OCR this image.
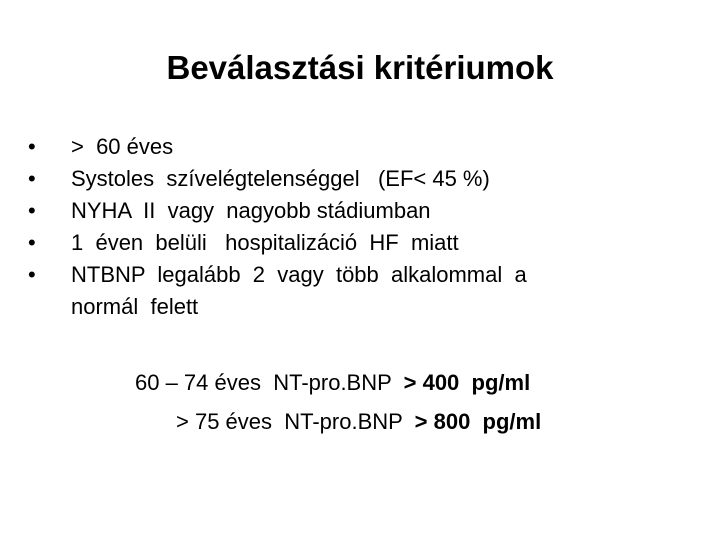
Beválasztási kritériumok
•	>  60 éves
•	Systoles  szívelégtelenséggel   (EF< 45 %)
•	NYHA  II  vagy  nagyobb stádiumban
•	1  éven  belüli   hospitalizáció  HF  miatt
•	NTBNP  legalább  2  vagy  több  alkalommal  a
normál  felett
60 – 74 éves  NT-pro.BNP  > 400  pg/ml
> 75 éves  NT-pro.BNP  > 800  pg/ml
